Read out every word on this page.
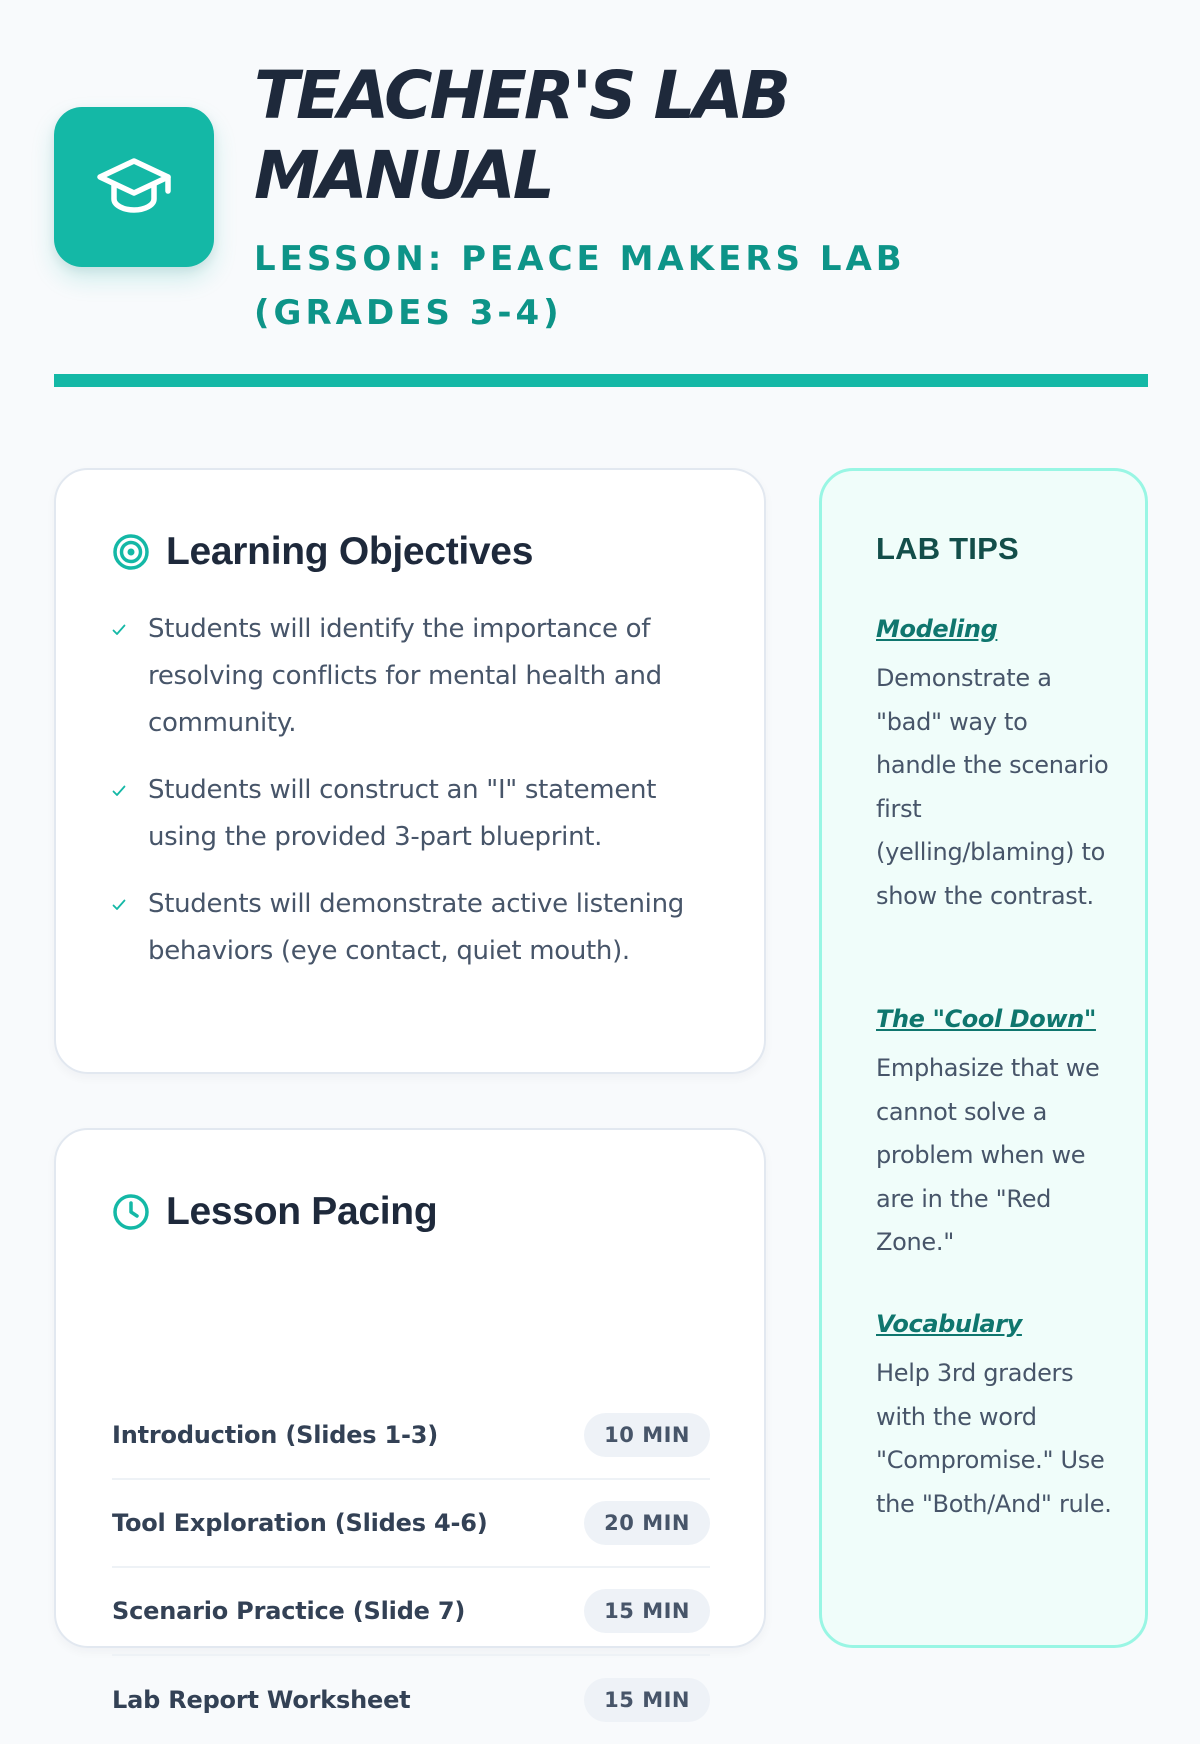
TEACHER'S LAB MANUAL
LESSON: PEACE MAKERS LAB (GRADES 3-4)
Learning Objectives
Students will identify the importance of resolving conflicts for mental health and community.
Students will construct an "I" statement using the provided 3-part blueprint.
Students will demonstrate active listening behaviors (eye contact, quiet mouth).
Lesson Pacing
Introduction (Slides 1-3)	10 MIN
Tool Exploration (Slides 4-6)	20 MIN
Scenario Practice (Slide 7)	15 MIN
Lab Report Worksheet	15 MIN
LAB TIPS
Modeling

Demonstrate a "bad" way to handle the scenario first (yelling/blaming) to show the contrast.

The "Cool Down"

Emphasize that we cannot solve a problem when we are in the "Red Zone."

Vocabulary

Help 3rd graders with the word "Compromise." Use the "Both/And" rule.
